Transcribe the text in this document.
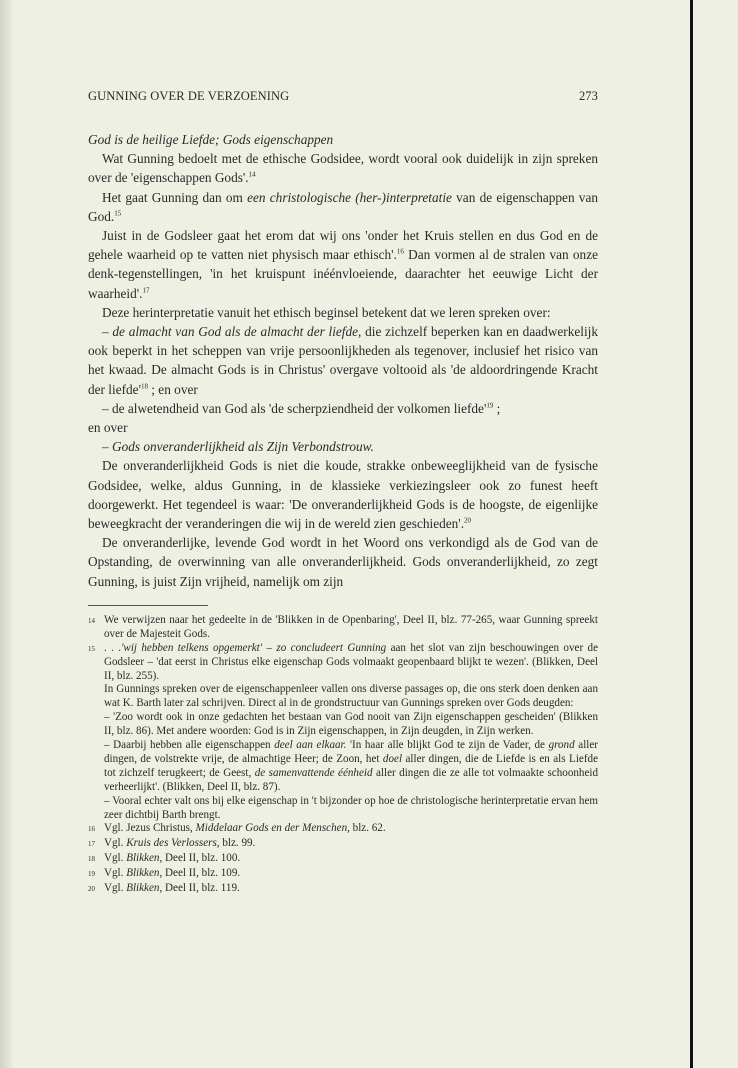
GUNNING OVER DE VERZOENING	273

God is de heilige Liefde; Gods eigenschappen

Wat Gunning bedoelt met de ethische Godsidee, wordt vooral ook duidelijk in zijn spreken over de 'eigenschappen Gods'.$^{14}$

Het gaat Gunning dan om een christologische (her-)interpretatie van de eigenschappen van God.$^{15}$

Juist in de Godsleer gaat het erom dat wij ons 'onder het Kruis stellen en dus God en de gehele waarheid op te vatten niet physisch maar ethisch'.$^{16}$ Dan vormen al de stralen van onze denk-tegenstellingen, 'in het kruispunt inéénvloeiende, daarachter het eeuwige Licht der waarheid'.$^{17}$

Deze herinterpretatie vanuit het ethisch beginsel betekent dat we leren spreken over:

– de almacht van God als de almacht der liefde, die zichzelf beperken kan en daadwerkelijk ook beperkt in het scheppen van vrije persoonlijkheden als tegenover, inclusief het risico van het kwaad. De almacht Gods is in Christus' overgave voltooid als 'de aldoordringende Kracht der $liefde'^{18}$ ; en over

– de alwetendheid van God als 'de scherpziendheid der volkomen $liefde'^{19}$ ;

en over

– Gods onveranderlijkheid als Zijn Verbondstrouw.

De onveranderlijkheid Gods is niet die koude, strakke onbeweeglijkheid van de fysische Godsidee, welke, aldus Gunning, in de klassieke verkiezingsleer ook zo funest heeft doorgewerkt. Het tegendeel is waar: 'De onveranderlijkheid Gods is de hoogste, de eigenlijke beweegkracht der veranderingen die wij in de wereld zien geschieden'.$^{20}$

De onveranderlijke, levende God wordt in het Woord ons verkondigd als de God van de Opstanding, de overwinning van alle onveranderlijkheid. Gods onveranderlijkheid, zo zegt Gunning, is juist Zijn vrijheid, namelijk om zijn

14 We verwijzen naar het gedeelte in de 'Blikken in de Openbaring', Deel II, blz. 77-265, waar Gunning spreekt over de Majesteit Gods.

15 . . .'wij hebben telkens opgemerkt' – zo concludeert Gunning aan het slot van zijn beschouwingen over de Godsleer – 'dat eerst in Christus elke eigenschap Gods volmaakt geopenbaard blijkt te wezen'. (Blikken, Deel II, blz. 255).

In Gunnings spreken over de eigenschappenleer vallen ons diverse passages op, die ons sterk doen denken aan wat K. Barth later zal schrijven. Direct al in de grondstructuur van Gunnings spreken over Gods deugden:

– 'Zoo wordt ook in onze gedachten het bestaan van God nooit van Zijn eigenschappen gescheiden' (Blikken II, blz. 86). Met andere woorden: God is in Zijn eigenschappen, in Zijn deugden, in Zijn werken.

– Daarbij hebben alle eigenschappen deel aan elkaar. 'In haar alle blijkt God te zijn de Vader, de grond aller dingen, de volstrekte vrije, de almachtige Heer; de Zoon, het doel aller dingen, die de Liefde is en als Liefde tot zichzelf terugkeert; de Geest, de samenvattende éénheid aller dingen die ze alle tot volmaakte schoonheid verheerlijkt'. (Blikken, Deel II, blz. 87).

– Vooral echter valt ons bij elke eigenschap in 't bijzonder op hoe de christologische herinterpretatie ervan hem zeer dichtbij Barth brengt.

16 Vgl. Jezus Christus, Middelaar Gods en der Menschen, blz. 62.

17 Vgl. Kruis des Verlossers, blz. 99.

18 Vgl. Blikken, Deel II, blz. 100.

19 Vgl. Blikken, Deel II, blz. 109.

20 Vgl. Blikken, Deel II, blz. 119.
